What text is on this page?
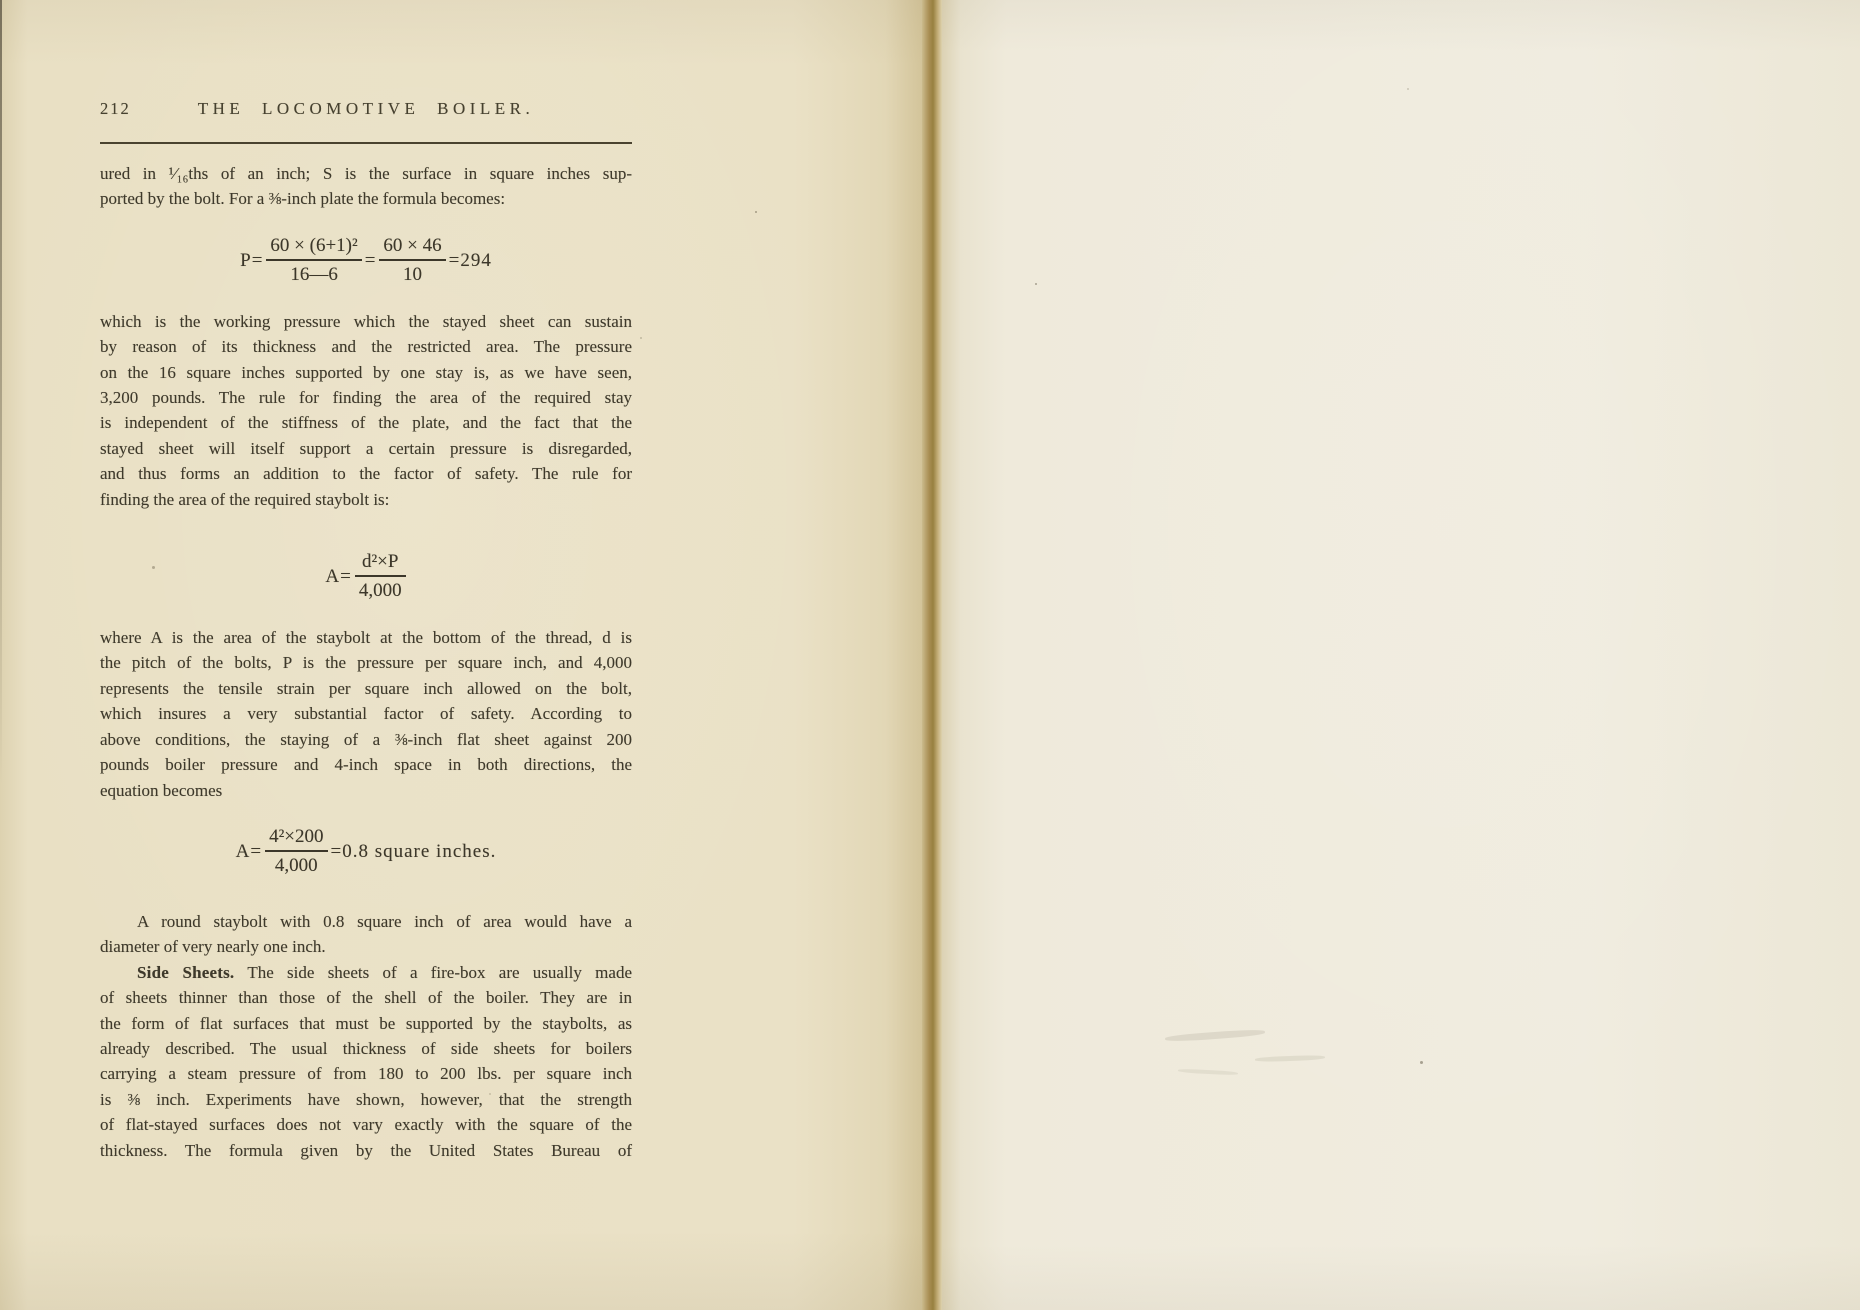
212	THE LOCOMOTIVE BOILER.
ured in ¹⁄₁₆ths of an inch; S is the surface in square inches sup-
ported by the bolt. For a ⅜-inch plate the formula becomes:
$P= \frac{\text{60 × (6+1)²}}{16—6} = \frac{60 \times 46}{10} =294$
which is the working pressure which the stayed sheet can sustain
by reason of its thickness and the restricted area. The pressure
on the 16 square inches supported by one stay is, as we have seen,
3,200 pounds. The rule for finding the area of the required stay
is independent of the stiffness of the plate, and the fact that the
stayed sheet will itself support a certain pressure is disregarded,
and thus forms an addition to the factor of safety. The rule for
finding the area of the required staybolt is:
$A= \frac{\text{d²×P}}{4,000}$
where A is the area of the staybolt at the bottom of the thread, d is
the pitch of the bolts, P is the pressure per square inch, and 4,000
represents the tensile strain per square inch allowed on the bolt,
which insures a very substantial factor of safety. According to
above conditions, the staying of a ⅜-inch flat sheet against 200
pounds boiler pressure and 4-inch space in both directions, the
equation becomes
$A= \frac{\text{4²×200}}{4,000} =0.8$ square inches.
A round staybolt with 0.8 square inch of area would have a
diameter of very nearly one inch.
Side Sheets. The side sheets of a fire-box are usually made
of sheets thinner than those of the shell of the boiler. They are in
the form of flat surfaces that must be supported by the staybolts, as
already described. The usual thickness of side sheets for boilers
carrying a steam pressure of from 180 to 200 lbs. per square inch
is ⅜ inch. Experiments have shown, however, that the strength
of flat-stayed surfaces does not vary exactly with the square of the
thickness. The formula given by the United States Bureau of
